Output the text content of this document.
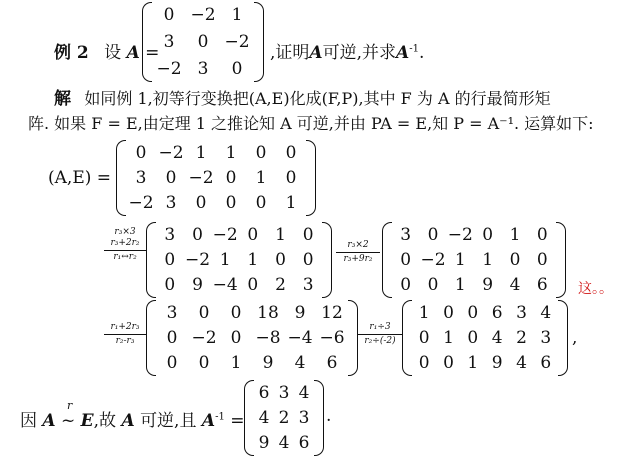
例 2 设 A =
0 −2 1
3	0 −2
−2 3	0
,证明A可逆,并求$A^{-1}$.
解 如同例 1,初等行变换把(A,E)化成(F,P),其中 F 为 A 的行最简形矩
阵. 如果 F = E,由定理 1 之推论知 A 可逆,并由 PA = E,知 P = A⁻¹. 运算如下:
(A,E) =
0 −2 1	1	0	0
3	0 −2 0	1	0
−2 3	0	0	0	1
r₃×3
r₃+2r₂
r₁↔r₂
3 0 −2 0 1 0
0 −2 1 1 0 0
0 9 −4 0 2 3
r₃×2
r₃+9r₂
3 0 −2 0 1 0
0 −2 1 1 0 0
0 0 1 9 4 6	这。。
r₁+2r₃
r₂-r₃
3	0	0 18 9 12
0 −2 0 −8 −4 −6
0	0	1	9	4	6
r₁÷3
r₂÷(-2)
1 0 0 6 3 4
0 1 0 4 2 3
0 0 1 9 4 6
,
因 A
r
~ E,故 A 可逆,且 $A^{-1}$ =
6 3 4
4 2 3
9 4 6
.
